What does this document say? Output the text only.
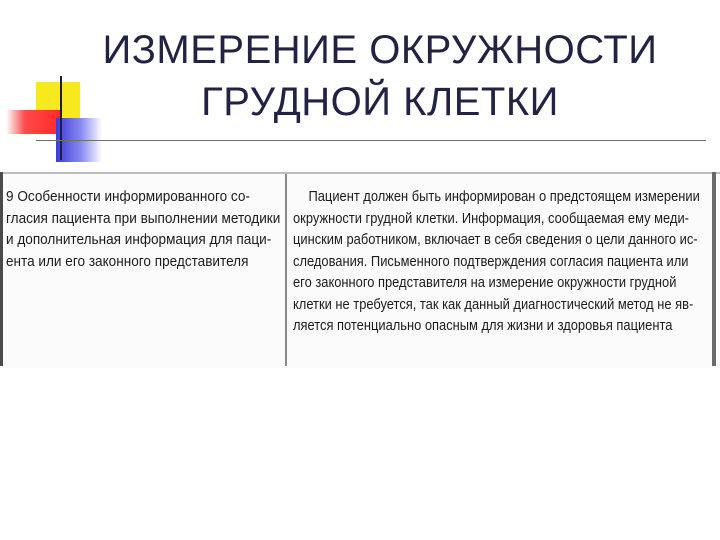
ИЗМЕРЕНИЕ ОКРУЖНОСТИ
ГРУДНОЙ КЛЕТКИ
9 Особенности информированного со-
гласия пациента при выполнении методики
и дополнительная информация для паци-
ента или его законного представителя
Пациент должен быть информирован о предстоящем измерении
окружности грудной клетки. Информация, сообщаемая ему меди-
цинским работником, включает в себя сведения о цели данного ис-
следования. Письменного подтверждения согласия пациента или
его законного представителя на измерение окружности грудной
клетки не требуется, так как данный диагностический метод не яв-
ляется потенциально опасным для жизни и здоровья пациента
